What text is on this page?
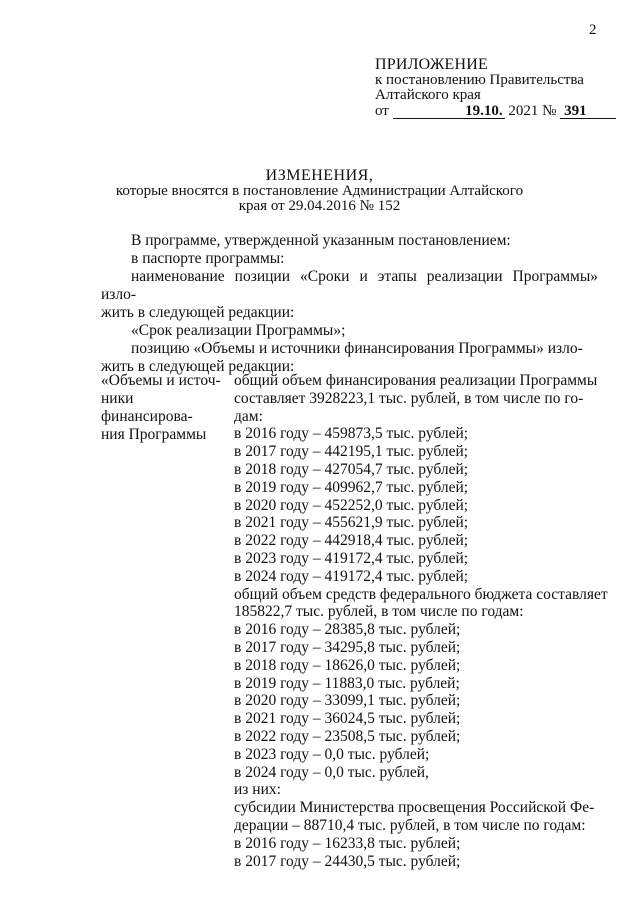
2
ПРИЛОЖЕНИЕ
к постановлению Правительства
Алтайского края
от	19.10. 2021 № 391
ИЗМЕНЕНИЯ,
которые вносятся в постановление Администрации Алтайского
края от 29.04.2016 № 152
В программе, утвержденной указанным постановлением:
в паспорте программы:
наименование позиции «Сроки и этапы реализации Программы» изло-
жить в следующей редакции:
«Срок реализации Программы»;
позицию «Объемы и источники финансирования Программы» изло-
жить в следующей редакции:
«Объемы и источ-
ники финансирова-
ния Программы
общий объем финансирования реализации Программы
составляет 3928223,1 тыс. рублей, в том числе по го-
дам:
в 2016 году – 459873,5 тыс. рублей;
в 2017 году – 442195,1 тыс. рублей;
в 2018 году – 427054,7 тыс. рублей;
в 2019 году – 409962,7 тыс. рублей;
в 2020 году – 452252,0 тыс. рублей;
в 2021 году – 455621,9 тыс. рублей;
в 2022 году – 442918,4 тыс. рублей;
в 2023 году – 419172,4 тыс. рублей;
в 2024 году – 419172,4 тыс. рублей;
общий объем средств федерального бюджета составляет
185822,7 тыс. рублей, в том числе по годам:
в 2016 году – 28385,8 тыс. рублей;
в 2017 году – 34295,8 тыс. рублей;
в 2018 году – 18626,0 тыс. рублей;
в 2019 году – 11883,0 тыс. рублей;
в 2020 году – 33099,1 тыс. рублей;
в 2021 году – 36024,5 тыс. рублей;
в 2022 году – 23508,5 тыс. рублей;
в 2023 году – 0,0 тыс. рублей;
в 2024 году – 0,0 тыс. рублей,
из них:
субсидии Министерства просвещения Российской Фе-
дерации – 88710,4 тыс. рублей, в том числе по годам:
в 2016 году – 16233,8 тыс. рублей;
в 2017 году – 24430,5 тыс. рублей;
